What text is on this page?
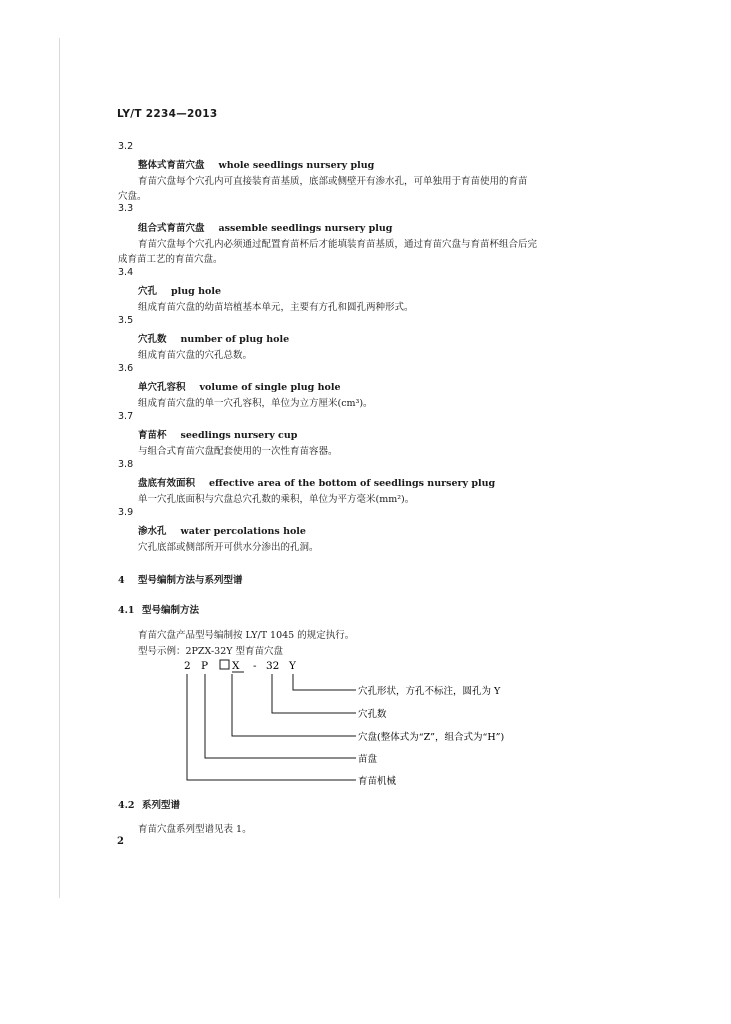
LY/T 2234—2013
3.2
整体式育苗穴盘 whole seedlings nursery plug
育苗穴盘每个穴孔内可直接装育苗基质，底部或侧壁开有渗水孔，可单独用于育苗使用的育苗
穴盘。
3.3
组合式育苗穴盘 assemble seedlings nursery plug
育苗穴盘每个穴孔内必须通过配置育苗杯后才能填装育苗基质，通过育苗穴盘与育苗杯组合后完
成育苗工艺的育苗穴盘。
3.4
穴孔 plug hole
组成育苗穴盘的幼苗培植基本单元，主要有方孔和圆孔两种形式。
3.5
穴孔数 number of plug hole
组成育苗穴盘的穴孔总数。
3.6
单穴孔容积 volume of single plug hole
组成育苗穴盘的单一穴孔容积，单位为立方厘米(cm³)。
3.7
育苗杯 seedlings nursery cup
与组合式育苗穴盘配套使用的一次性育苗容器。
3.8
盘底有效面积 effective area of the bottom of seedlings nursery plug
单一穴孔底面积与穴盘总穴孔数的乘积，单位为平方毫米(mm²)。
3.9
渗水孔 water percolations hole
穴孔底部或侧部所开可供水分渗出的孔洞。
4 型号编制方法与系列型谱
4.1 型号编制方法
育苗穴盘产品型号编制按 LY/T 1045 的规定执行。
型号示例：2PZX-32Y 型育苗穴盘
2 P X - 32 Y
穴孔形状，方孔不标注，圆孔为 Y
穴孔数
穴盘(整体式为“Z”，组合式为“H”)
苗盘
育苗机械
4.2 系列型谱
育苗穴盘系列型谱见表 1。
2
